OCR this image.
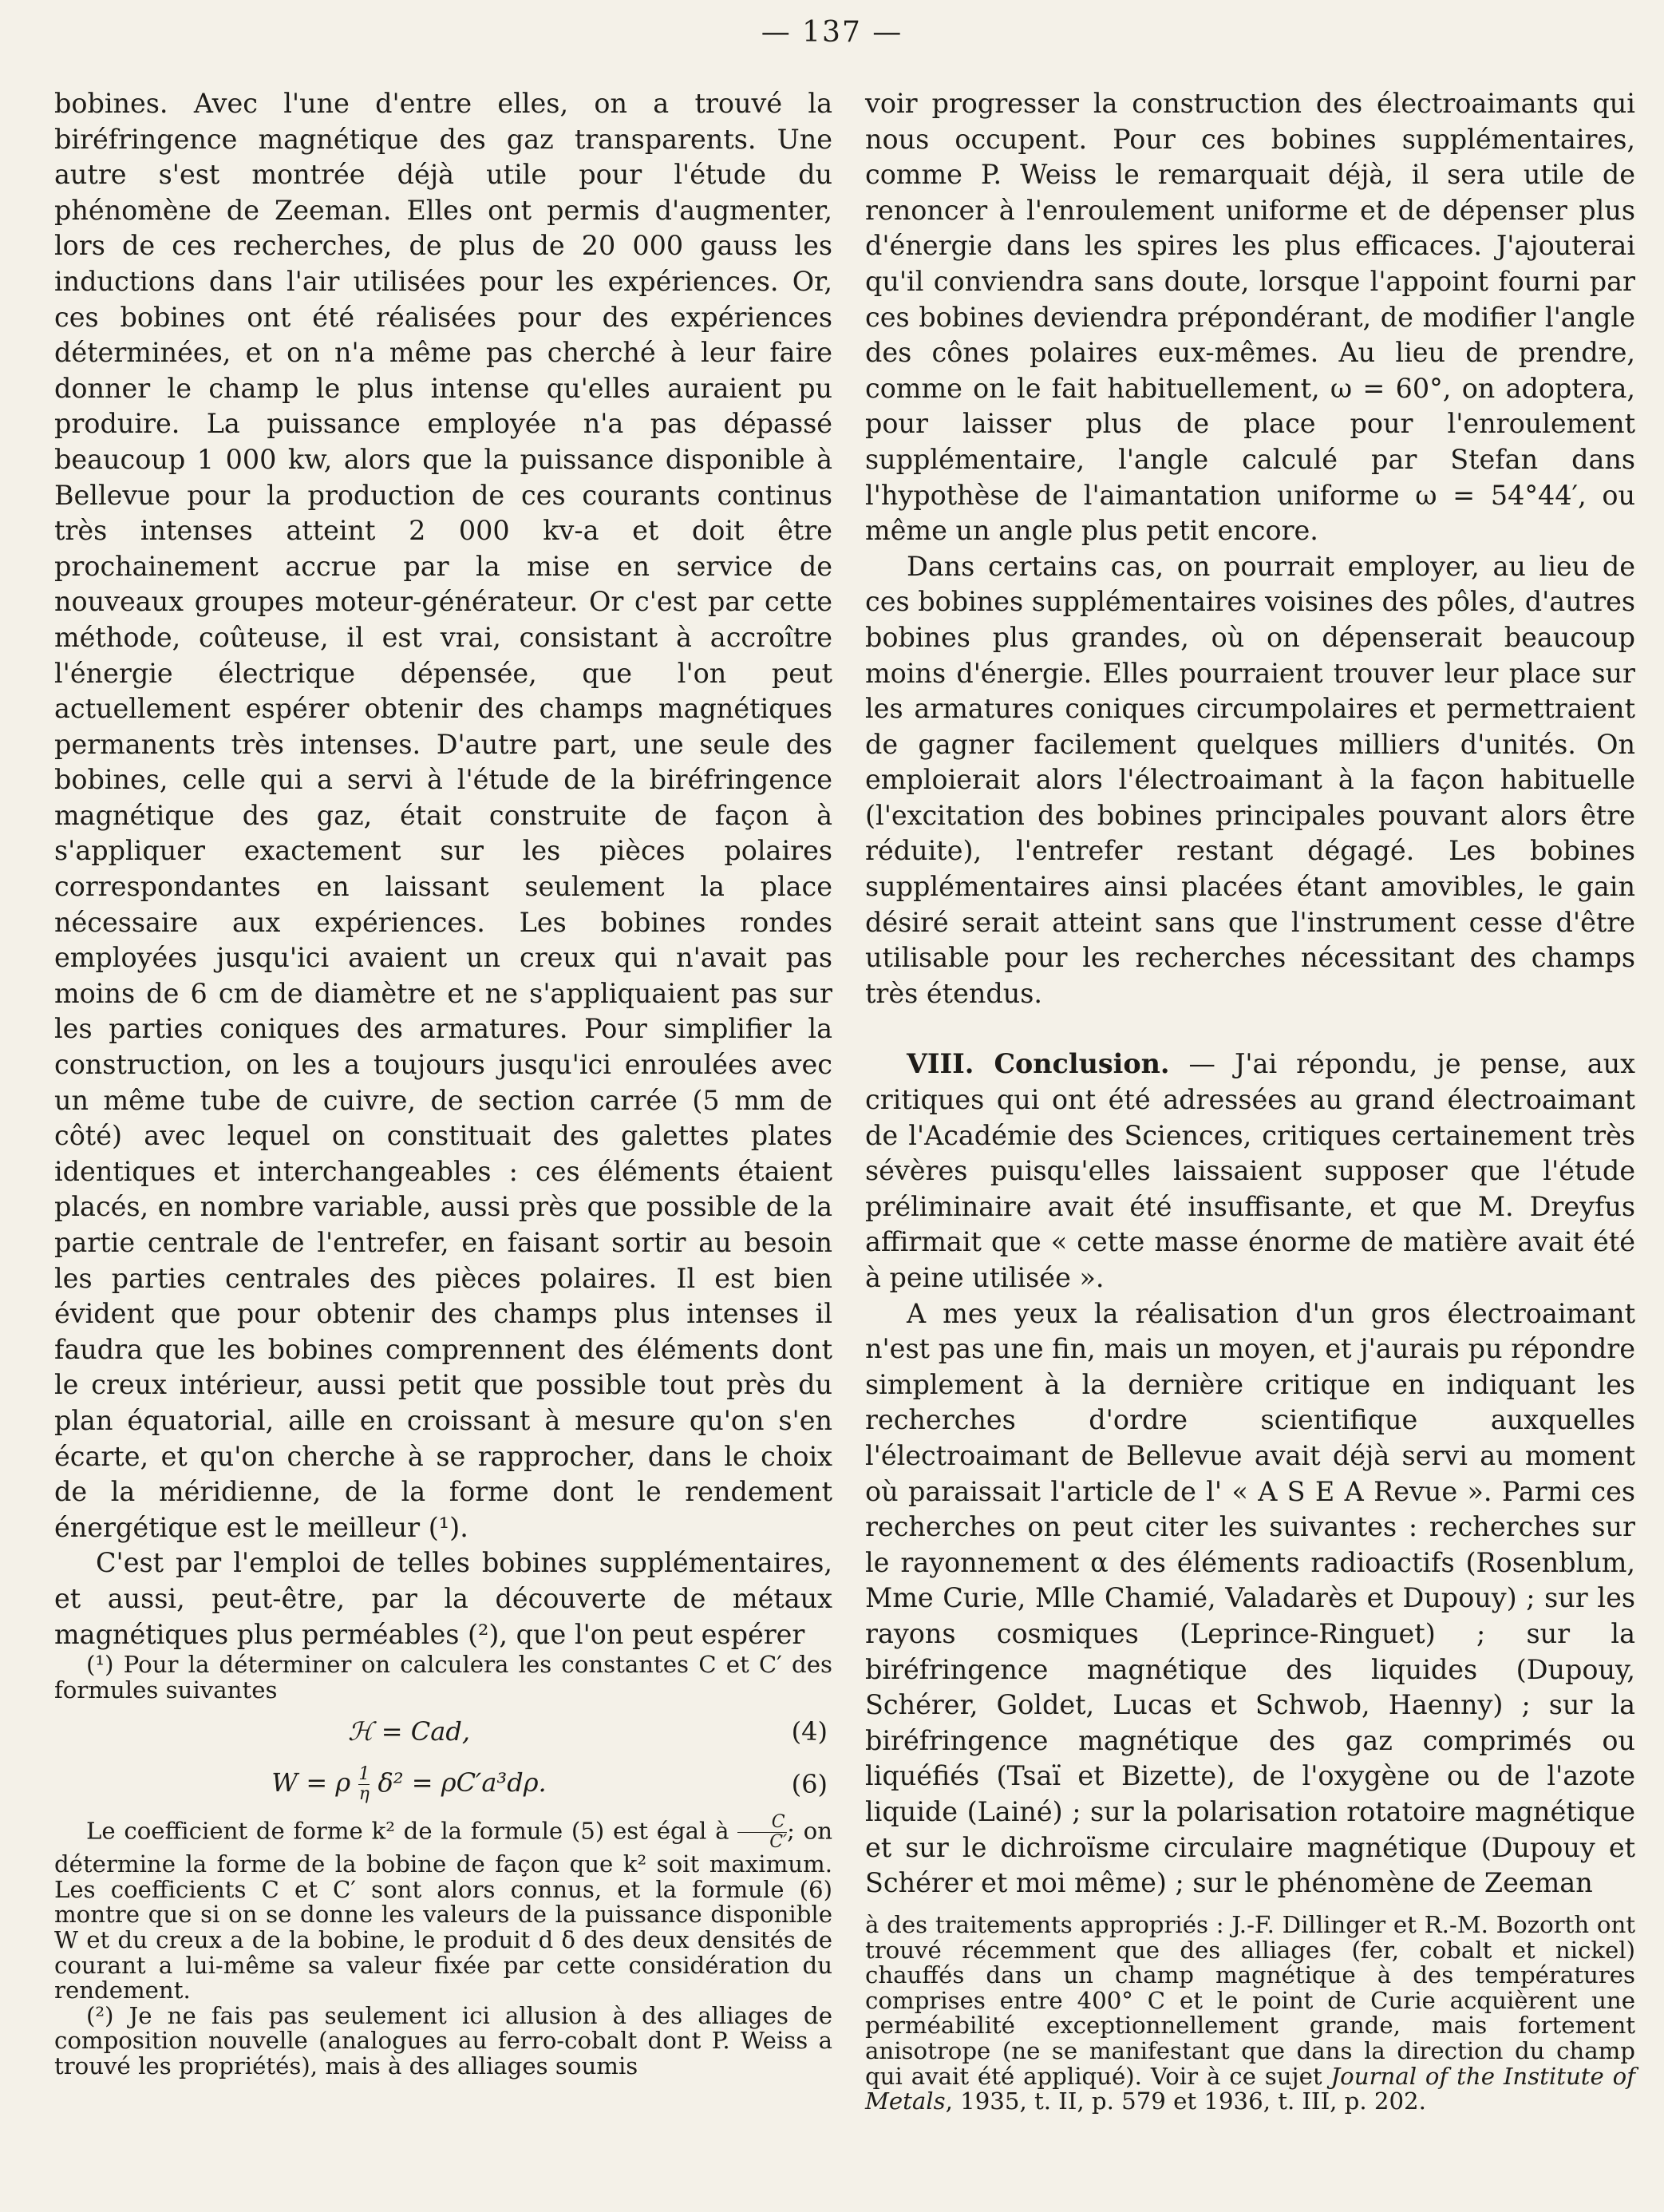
— 137 —

bobines. Avec l'une d'entre elles, on a trouvé la biréfringence magnétique des gaz transparents. Une autre s'est montrée déjà utile pour l'étude du phénomène de Zeeman. Elles ont permis d'augmenter, lors de ces recherches, de plus de 20 000 gauss les inductions dans l'air utilisées pour les expériences. Or, ces bobines ont été réalisées pour des expériences déterminées, et on n'a même pas cherché à leur faire donner le champ le plus intense qu'elles auraient pu produire. La puissance employée n'a pas dépassé beaucoup 1 000 kw, alors que la puissance disponible à Bellevue pour la production de ces courants continus très intenses atteint 2 000 kv-a et doit être prochainement accrue par la mise en service de nouveaux groupes moteur-générateur. Or c'est par cette méthode, coûteuse, il est vrai, consistant à accroître l'énergie électrique dépensée, que l'on peut actuellement espérer obtenir des champs magnétiques permanents très intenses. D'autre part, une seule des bobines, celle qui a servi à l'étude de la biréfringence magnétique des gaz, était construite de façon à s'appliquer exactement sur les pièces polaires correspondantes en laissant seulement la place nécessaire aux expériences. Les bobines rondes employées jusqu'ici avaient un creux qui n'avait pas moins de 6 cm de diamètre et ne s'appliquaient pas sur les parties coniques des armatures. Pour simplifier la construction, on les a toujours jusqu'ici enroulées avec un même tube de cuivre, de section carrée (5 mm de côté) avec lequel on constituait des galettes plates identiques et interchangeables : ces éléments étaient placés, en nombre variable, aussi près que possible de la partie centrale de l'entrefer, en faisant sortir au besoin les parties centrales des pièces polaires. Il est bien évident que pour obtenir des champs plus intenses il faudra que les bobines comprennent des éléments dont le creux intérieur, aussi petit que possible tout près du plan équatorial, aille en croissant à mesure qu'on s'en écarte, et qu'on cherche à se rapprocher, dans le choix de la méridienne, de la forme dont le rendement énergétique est le meilleur (¹).

C'est par l'emploi de telles bobines supplémentaires, et aussi, peut-être, par la découverte de métaux magnétiques plus perméables (²), que l'on peut espérer

(¹) Pour la déterminer on calculera les constantes C et C′ des formules suivantes

ℋ = Cad,	(4)
W = ρ $\frac{1}{\eta} \delta^2 = \rho C'a^3d\rho$.	(6)

Le coefficient de forme k² de la formule (5) est égal à $\frac{C}{C'}$ ; on détermine la forme de la bobine de façon que k² soit maximum. Les coefficients C et C′ sont alors connus, et la formule (6) montre que si on se donne les valeurs de la puissance disponible W et du creux a de la bobine, le produit d δ des deux densités de courant a lui-même sa valeur fixée par cette considération du rendement.

(²) Je ne fais pas seulement ici allusion à des alliages de composition nouvelle (analogues au ferro-cobalt dont P. Weiss a trouvé les propriétés), mais à des alliages soumis

voir progresser la construction des électroaimants qui nous occupent. Pour ces bobines supplémentaires, comme P. Weiss le remarquait déjà, il sera utile de renoncer à l'enroulement uniforme et de dépenser plus d'énergie dans les spires les plus efficaces. J'ajouterai qu'il conviendra sans doute, lorsque l'appoint fourni par ces bobines deviendra prépondérant, de modifier l'angle des cônes polaires eux-mêmes. Au lieu de prendre, comme on le fait habituellement, ω = 60°, on adoptera, pour laisser plus de place pour l'enroulement supplémentaire, l'angle calculé par Stefan dans l'hypothèse de l'aimantation uniforme ω = 54°44′, ou même un angle plus petit encore.

Dans certains cas, on pourrait employer, au lieu de ces bobines supplémentaires voisines des pôles, d'autres bobines plus grandes, où on dépenserait beaucoup moins d'énergie. Elles pourraient trouver leur place sur les armatures coniques circumpolaires et permettraient de gagner facilement quelques milliers d'unités. On emploierait alors l'électroaimant à la façon habituelle (l'excitation des bobines principales pouvant alors être réduite), l'entrefer restant dégagé. Les bobines supplémentaires ainsi placées étant amovibles, le gain désiré serait atteint sans que l'instrument cesse d'être utilisable pour les recherches nécessitant des champs très étendus.

VIII. Conclusion. — J'ai répondu, je pense, aux critiques qui ont été adressées au grand électroaimant de l'Académie des Sciences, critiques certainement très sévères puisqu'elles laissaient supposer que l'étude préliminaire avait été insuffisante, et que M. Dreyfus affirmait que « cette masse énorme de matière avait été à peine utilisée ».

A mes yeux la réalisation d'un gros électroaimant n'est pas une fin, mais un moyen, et j'aurais pu répondre simplement à la dernière critique en indiquant les recherches d'ordre scientifique auxquelles l'électroaimant de Bellevue avait déjà servi au moment où paraissait l'article de l' « A S E A Revue ». Parmi ces recherches on peut citer les suivantes : recherches sur le rayonnement α des éléments radioactifs (Rosenblum, Mme Curie, Mlle Chamié, Valadarès et Dupouy) ; sur les rayons cosmiques (Leprince-Ringuet) ; sur la biréfringence magnétique des liquides (Dupouy, Schérer, Goldet, Lucas et Schwob, Haenny) ; sur la biréfringence magnétique des gaz comprimés ou liquéfiés (Tsaï et Bizette), de l'oxygène ou de l'azote liquide (Lainé) ; sur la polarisation rotatoire magnétique et sur le dichroïsme circulaire magnétique (Dupouy et Schérer et moi même) ; sur le phénomène de Zeeman

à des traitements appropriés : J.-F. Dillinger et R.-M. Bozorth ont trouvé récemment que des alliages (fer, cobalt et nickel) chauffés dans un champ magnétique à des températures comprises entre 400° C et le point de Curie acquièrent une perméabilité exceptionnellement grande, mais fortement anisotrope (ne se manifestant que dans la direction du champ qui avait été appliqué). Voir à ce sujet Journal of the Institute of Metals, 1935, t. II, p. 579 et 1936, t. III, p. 202.
